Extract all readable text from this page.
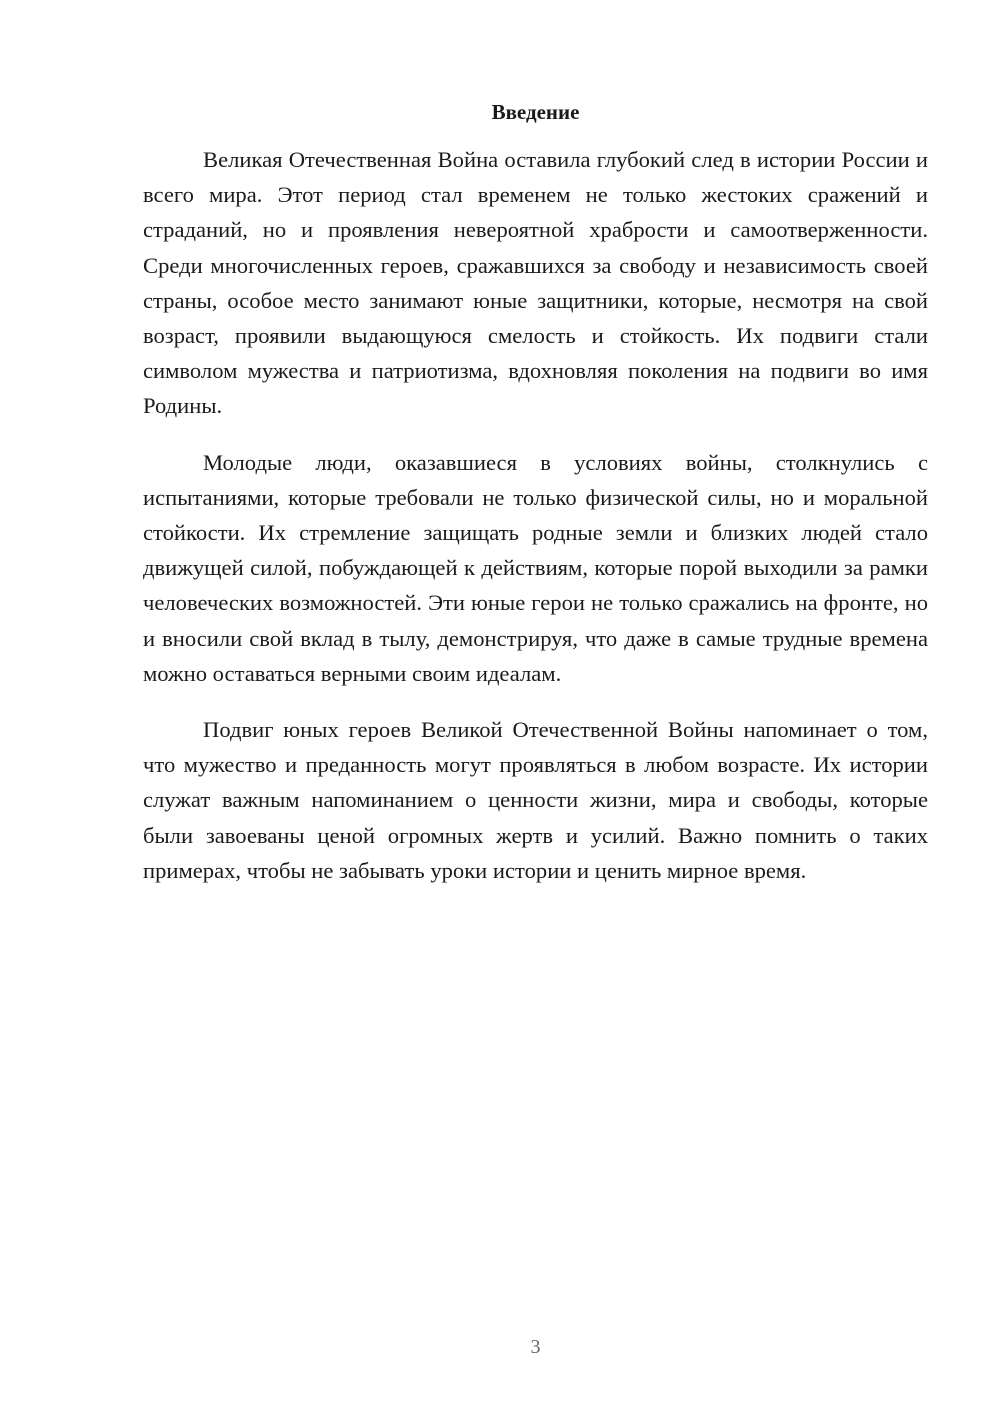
Введение

Великая Отечественная Война оставила глубокий след в истории России и всего мира. Этот период стал временем не только жестоких сражений и страданий, но и проявления невероятной храбрости и самоотверженности. Среди многочисленных героев, сражавшихся за свободу и независимость своей страны, особое место занимают юные защитники, которые, несмотря на свой возраст, проявили выдающуюся смелость и стойкость. Их подвиги стали символом мужества и патриотизма, вдохновляя поколения на подвиги во имя Родины.

Молодые люди, оказавшиеся в условиях войны, столкнулись с испытаниями, которые требовали не только физической силы, но и моральной стойкости. Их стремление защищать родные земли и близких людей стало движущей силой, побуждающей к действиям, которые порой выходили за рамки человеческих возможностей. Эти юные герои не только сражались на фронте, но и вносили свой вклад в тылу, демонстрируя, что даже в самые трудные времена можно оставаться верными своим идеалам.

Подвиг юных героев Великой Отечественной Войны напоминает о том, что мужество и преданность могут проявляться в любом возрасте. Их истории служат важным напоминанием о ценности жизни, мира и свободы, которые были завоеваны ценой огромных жертв и усилий. Важно помнить о таких примерах, чтобы не забывать уроки истории и ценить мирное время.

3
